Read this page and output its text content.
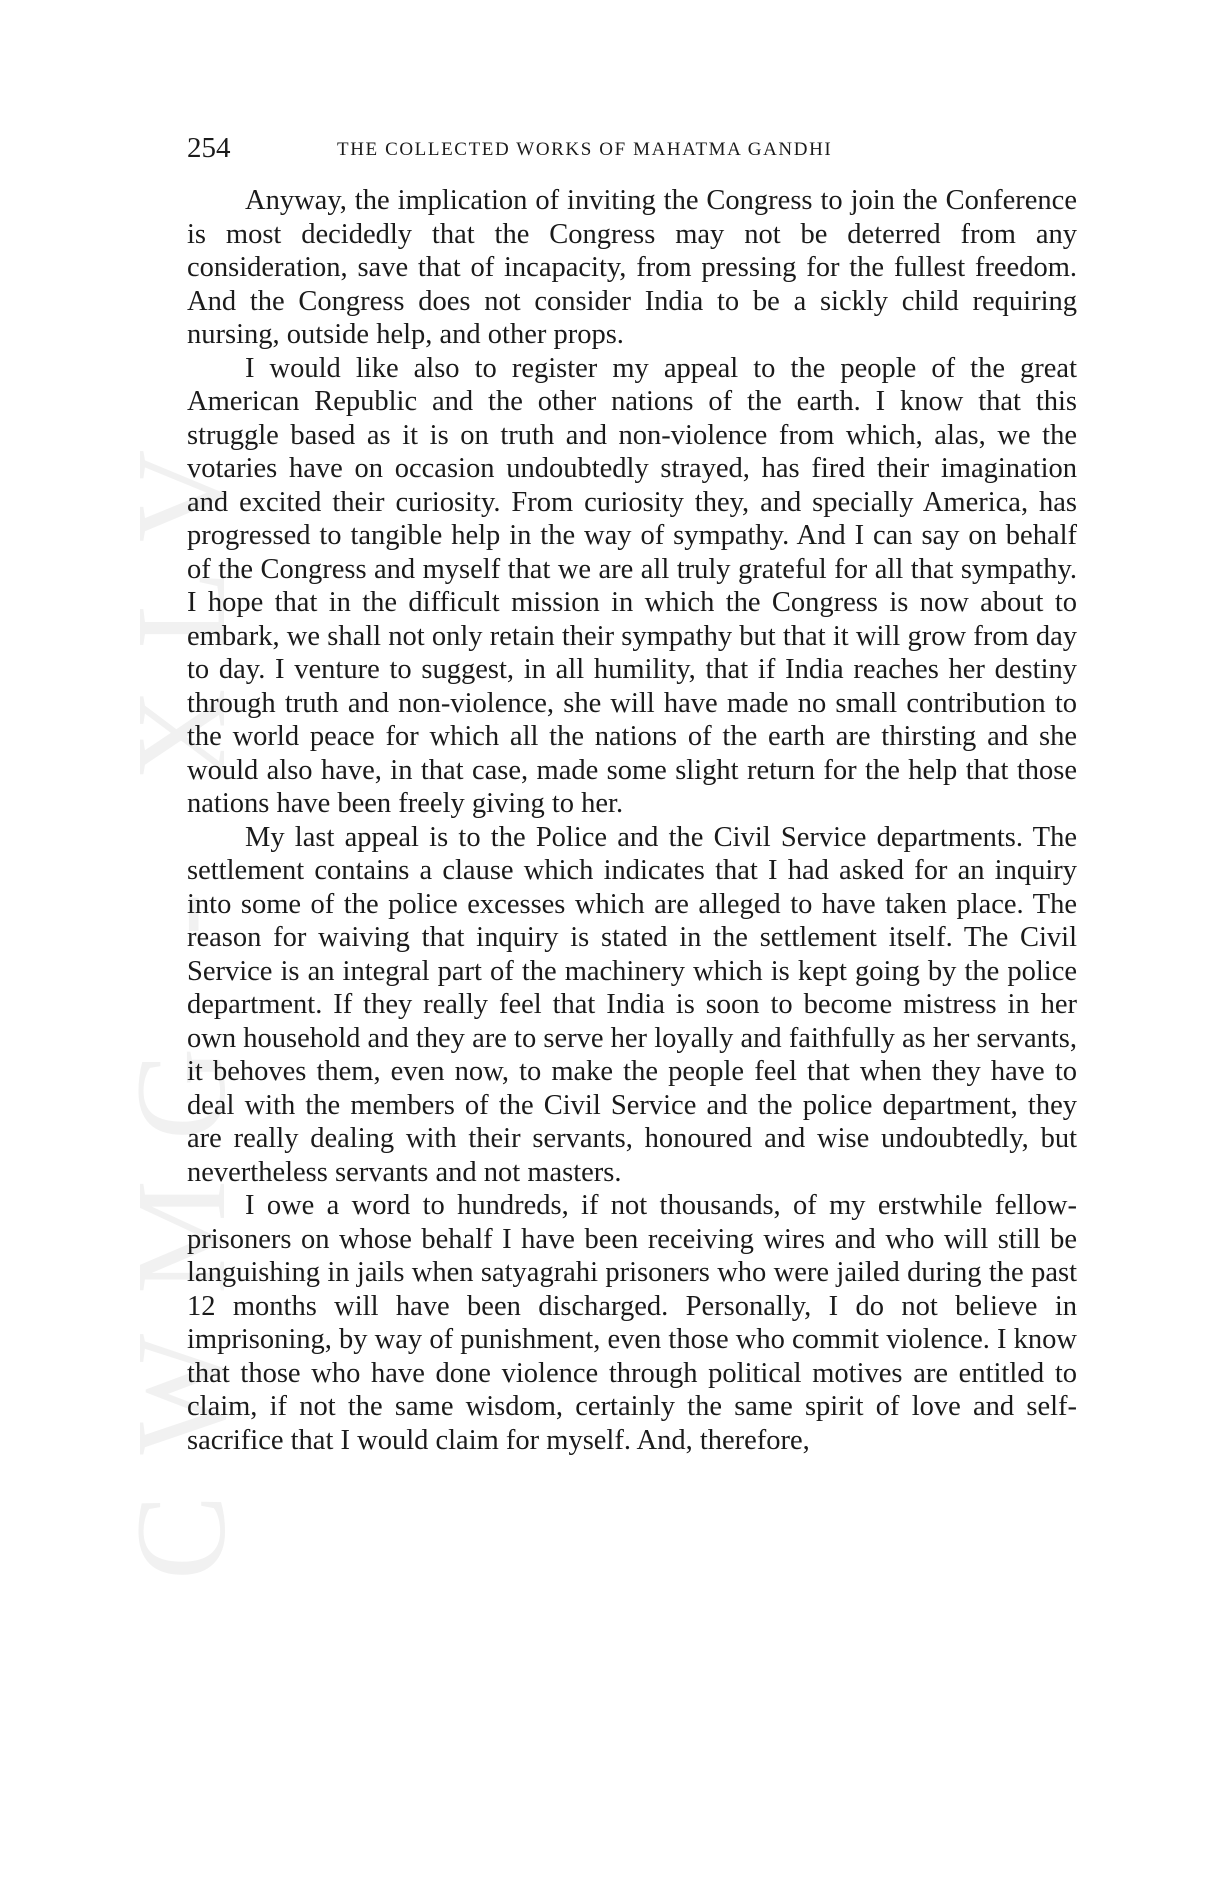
CWMG - XLV
254	THE COLLECTED WORKS OF MAHATMA GANDHI

Anyway, the implication of inviting the Congress to join the Conference is most decidedly that the Congress may not be deterred from any consideration, save that of incapacity, from pressing for the fullest freedom. And the Congress does not consider India to be a sickly child requiring nursing, outside help, and other props.

I would like also to register my appeal to the people of the great American Republic and the other nations of the earth. I know that this struggle based as it is on truth and non-violence from which, alas, we the votaries have on occasion undoubtedly strayed, has fired their imagination and excited their curiosity. From curiosity they, and specially America, has progressed to tangible help in the way of sympathy. And I can say on behalf of the Congress and myself that we are all truly grateful for all that sympathy. I hope that in the difficult mission in which the Congress is now about to embark, we shall not only retain their sympathy but that it will grow from day to day. I venture to suggest, in all humility, that if India reaches her destiny through truth and non-violence, she will have made no small contribution to the world peace for which all the nations of the earth are thirsting and she would also have, in that case, made some slight return for the help that those nations have been freely giving to her.

My last appeal is to the Police and the Civil Service departments. The settlement contains a clause which indicates that I had asked for an inquiry into some of the police excesses which are alleged to have taken place. The reason for waiving that inquiry is stated in the settlement itself. The Civil Service is an integral part of the machinery which is kept going by the police department. If they really feel that India is soon to become mistress in her own household and they are to serve her loyally and faithfully as her servants, it behoves them, even now, to make the people feel that when they have to deal with the members of the Civil Service and the police department, they are really dealing with their servants, honoured and wise undoubtedly, but nevertheless servants and not masters.

I owe a word to hundreds, if not thousands, of my erstwhile fellow-prisoners on whose behalf I have been receiving wires and who will still be languishing in jails when satyagrahi prisoners who were jailed during the past 12 months will have been discharged. Personally, I do not believe in imprisoning, by way of punishment, even those who commit violence. I know that those who have done violence through political motives are entitled to claim, if not the same wisdom, certainly the same spirit of love and self-sacrifice that I would claim for myself. And, therefore,
